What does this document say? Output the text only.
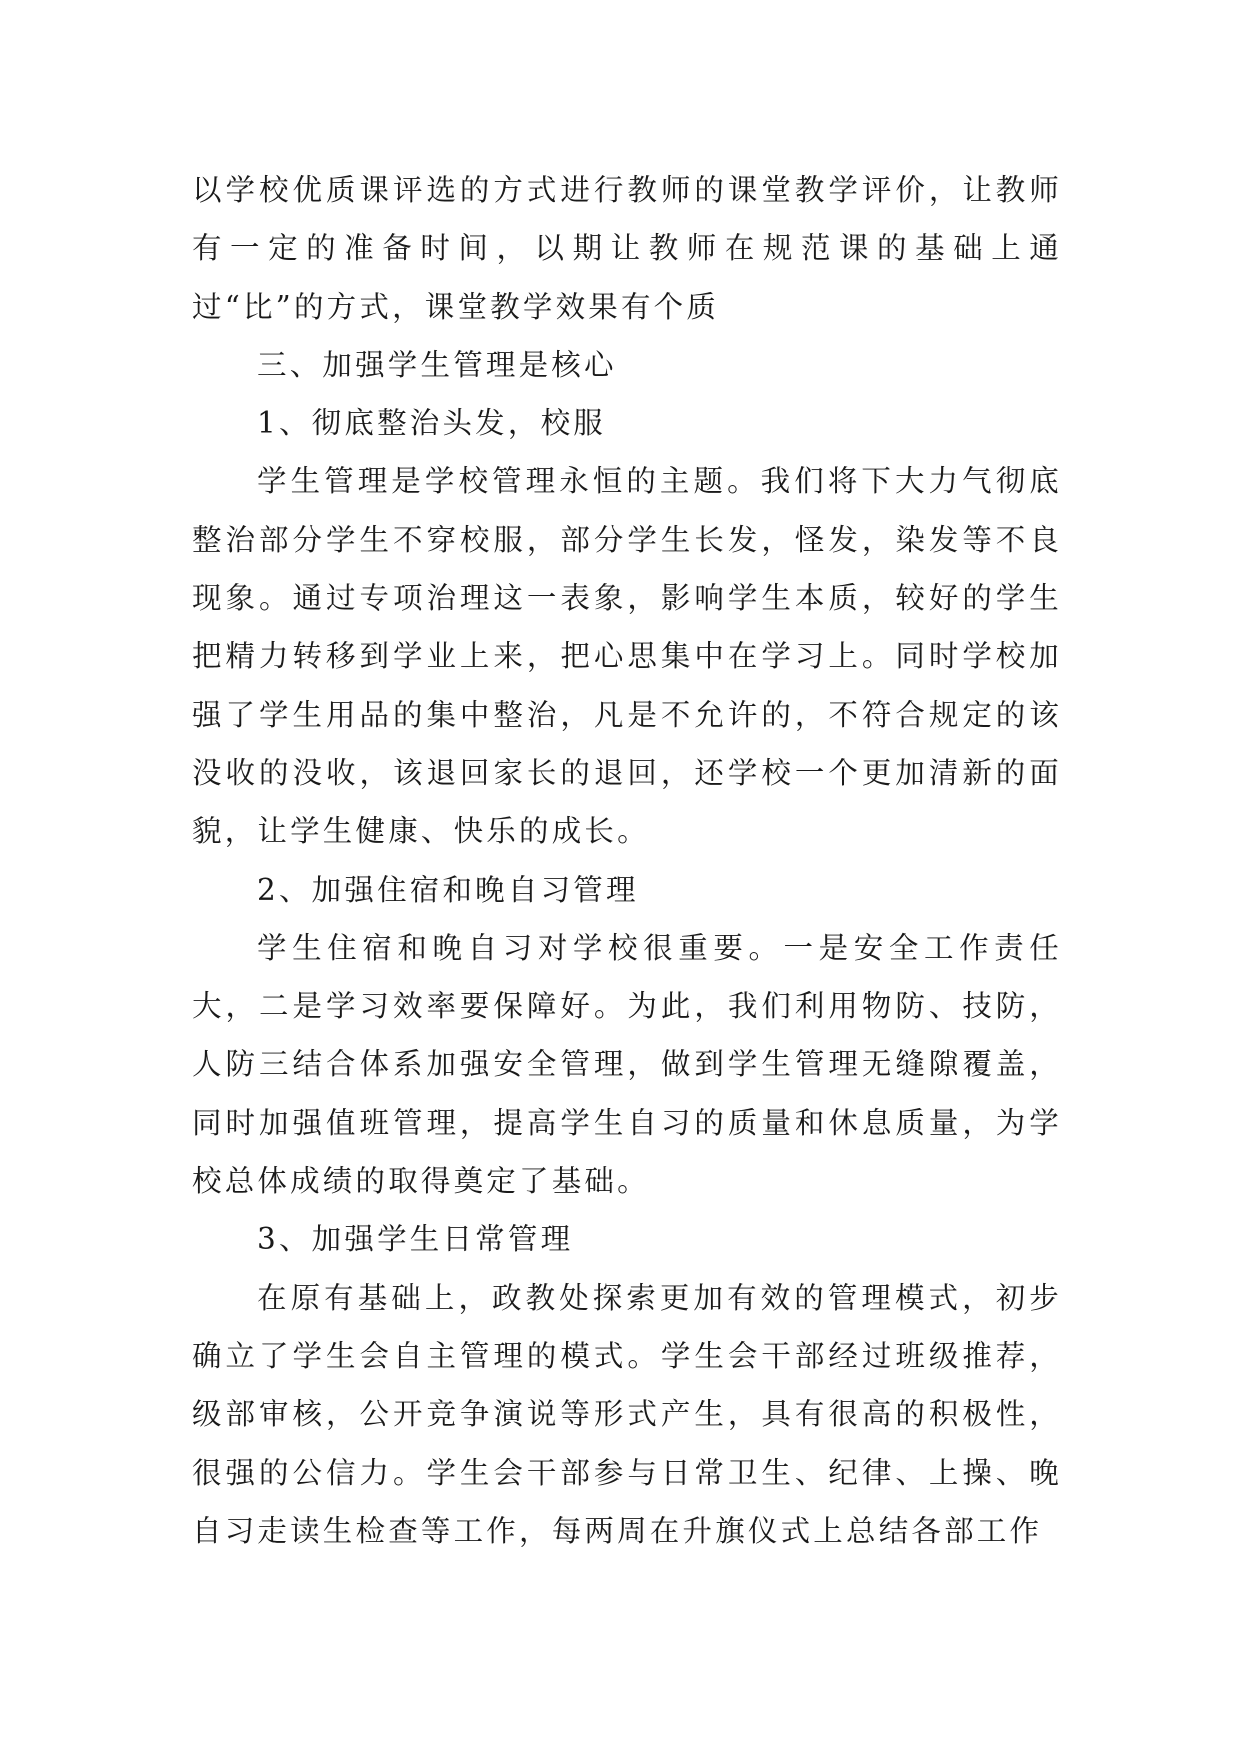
以学校优质课评选的方式进行教师的课堂教学评价，让教师有一定的准备时间，以期让教师在规范课的基础上通过“比”的方式，课堂教学效果有个质

三、加强学生管理是核心

1、彻底整治头发，校服

学生管理是学校管理永恒的主题。我们将下大力气彻底整治部分学生不穿校服，部分学生长发，怪发，染发等不良现象。通过专项治理这一表象，影响学生本质，较好的学生把精力转移到学业上来，把心思集中在学习上。同时学校加强了学生用品的集中整治，凡是不允许的，不符合规定的该没收的没收，该退回家长的退回，还学校一个更加清新的面貌，让学生健康、快乐的成长。

2、加强住宿和晚自习管理

学生住宿和晚自习对学校很重要。一是安全工作责任大，二是学习效率要保障好。为此，我们利用物防、技防，人防三结合体系加强安全管理，做到学生管理无缝隙覆盖，同时加强值班管理，提高学生自习的质量和休息质量，为学校总体成绩的取得奠定了基础。

3、加强学生日常管理

在原有基础上，政教处探索更加有效的管理模式，初步确立了学生会自主管理的模式。学生会干部经过班级推荐，级部审核，公开竞争演说等形式产生，具有很高的积极性，很强的公信力。学生会干部参与日常卫生、纪律、上操、晚自习走读生检查等工作，每两周在升旗仪式上总结各部工作
